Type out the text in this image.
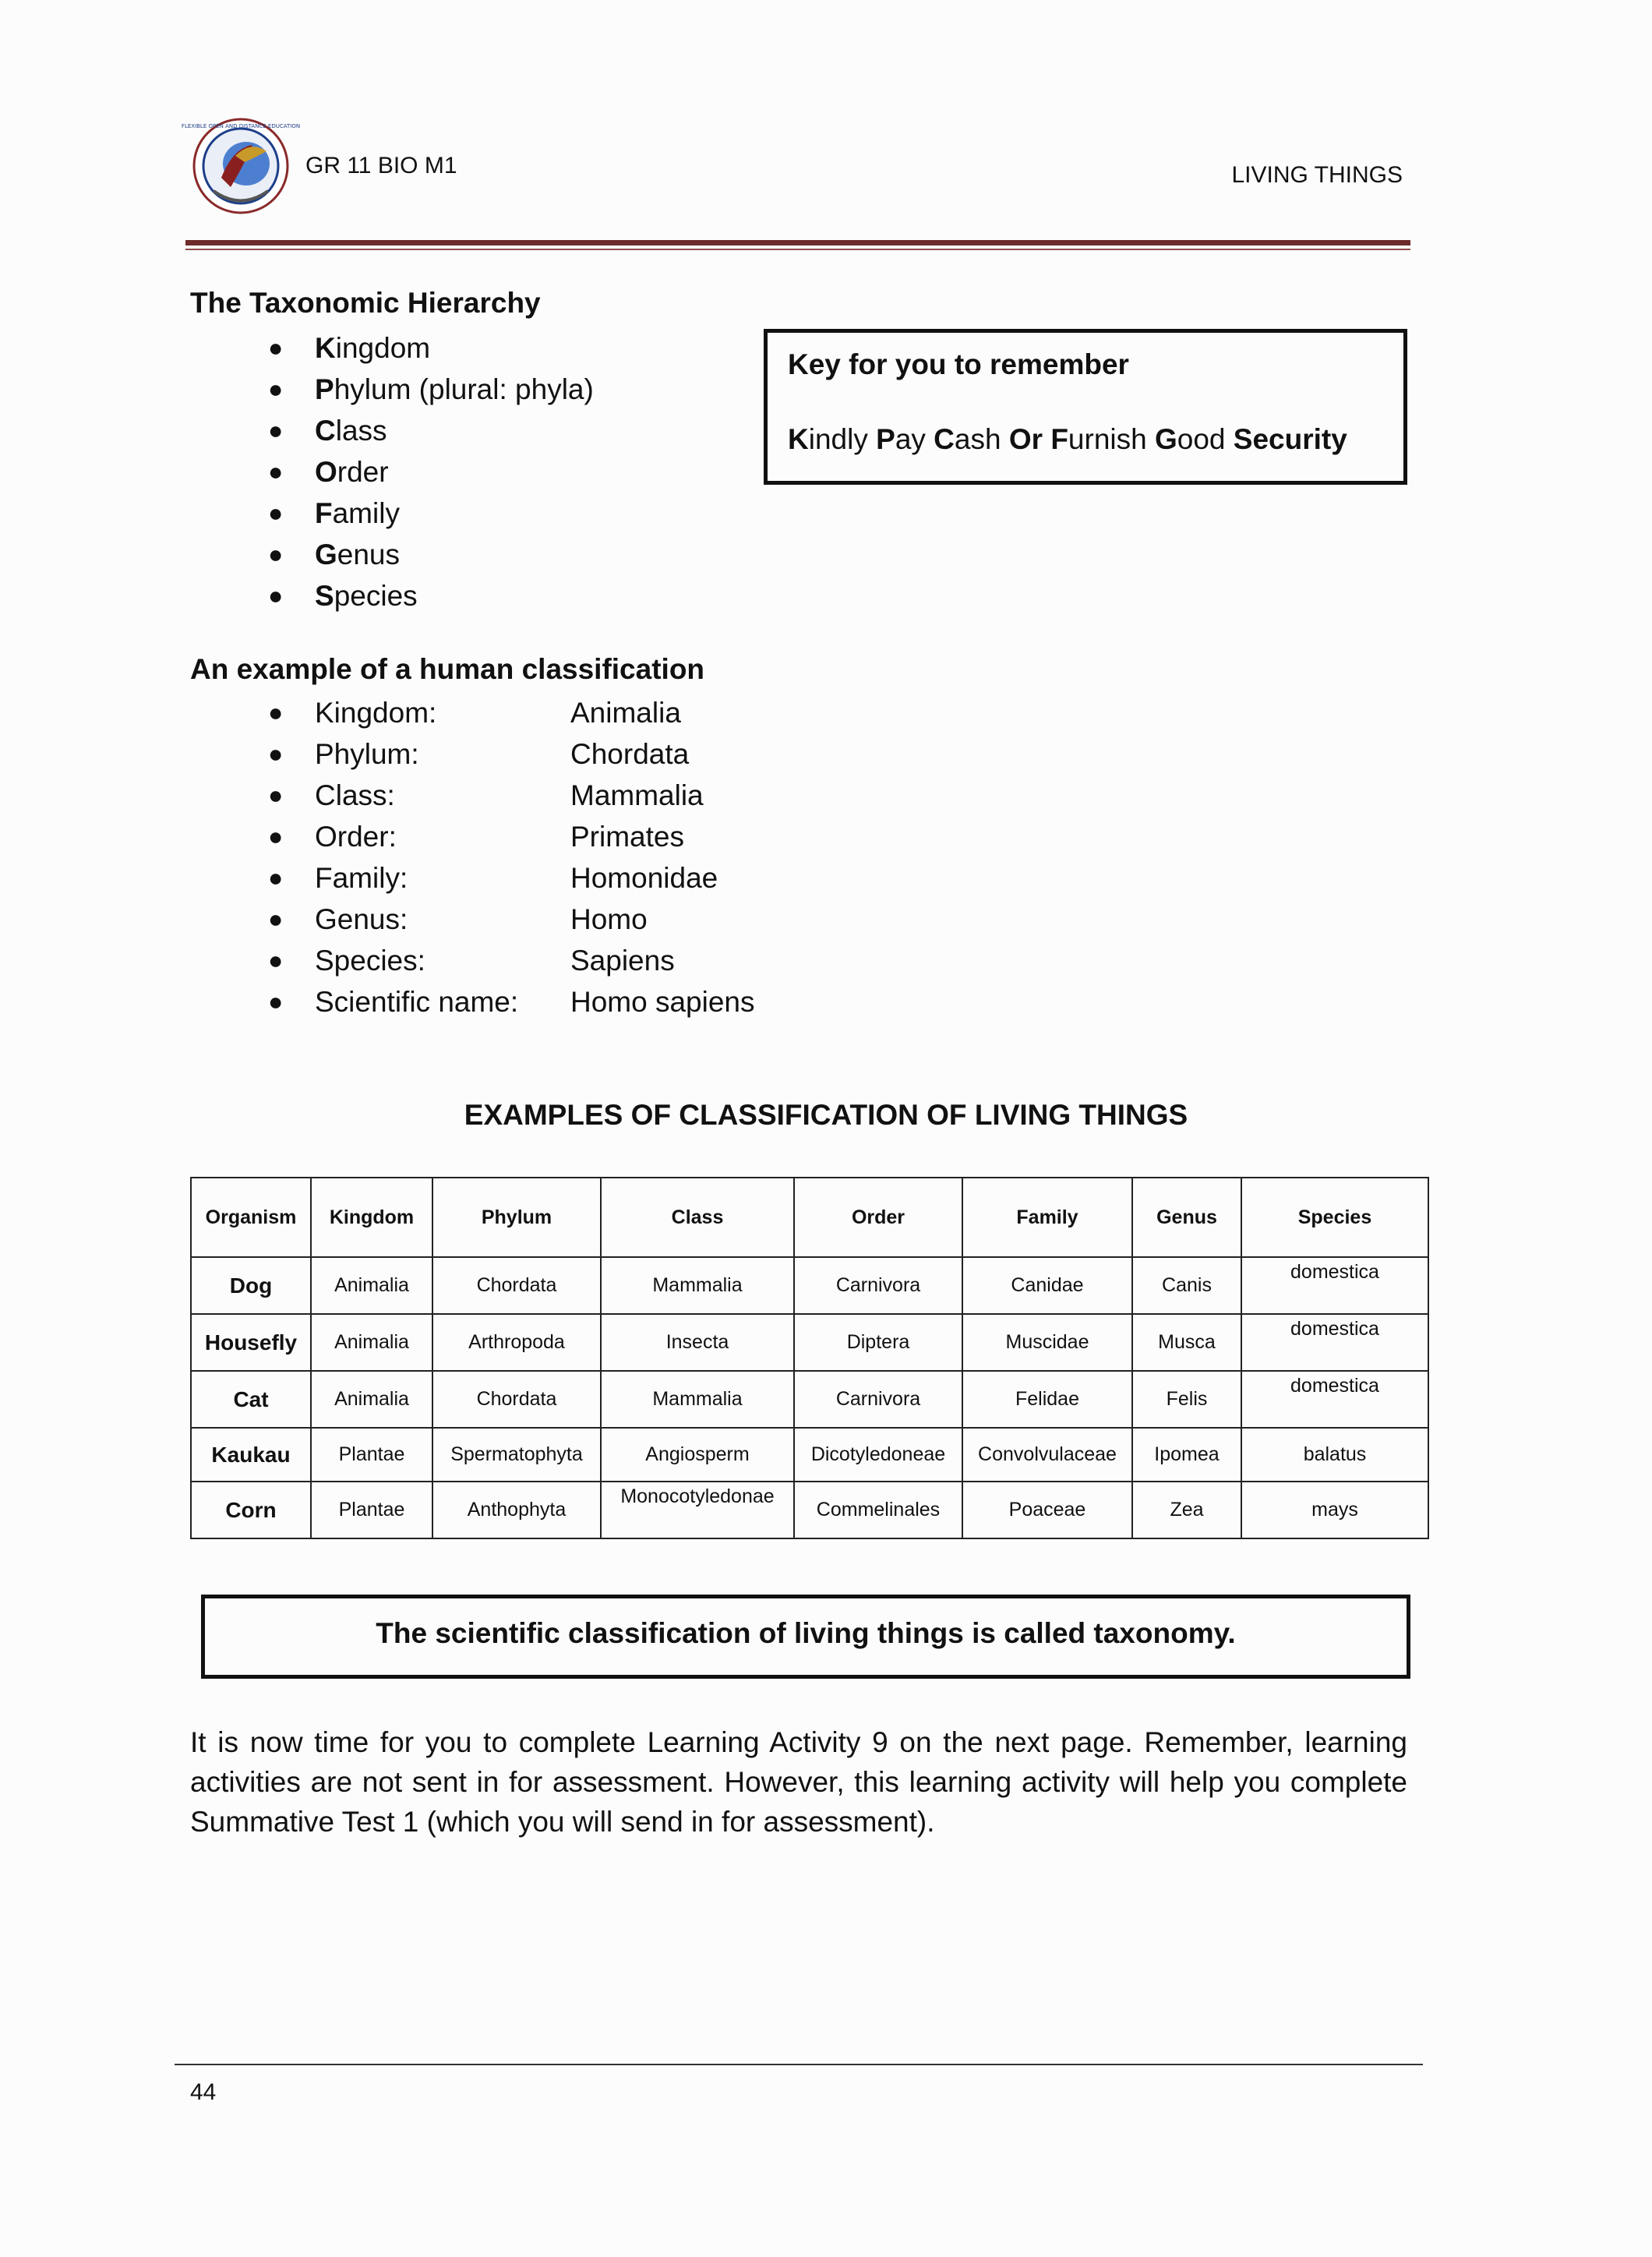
FLEXIBLE OPEN AND DISTANCE EDUCATION
GR 11 BIO M1	LIVING THINGS
The Taxonomic Hierarchy
● Kingdom
● Phylum (plural: phyla)
● Class
● Order
● Family
● Genus
● Species
Key for you to remember
Kindly Pay Cash Or Furnish Good Security
An example of a human classification
● Kingdom:	Animalia
● Phylum:	Chordata
● Class:	Mammalia
● Order:	Primates
● Family:	Homonidae
● Genus:	Homo
● Species:	Sapiens
● Scientific name: Homo sapiens
EXAMPLES OF CLASSIFICATION OF LIVING THINGS
Organism	Kingdom	Phylum	Class	Order	Family	Genus	Species
Dog	Animalia	Chordata	Mammalia	Carnivora	Canidae	Canis	domestica
Housefly	Animalia	Arthropoda	Insecta	Diptera	Muscidae	Musca	domestica
Cat	Animalia	Chordata	Mammalia	Carnivora	Felidae	Felis	domestica
Kaukau	Plantae	Spermatophyta	Angiosperm	Dicotyledoneae	Convolvulaceae	Ipomea	balatus
Corn	Plantae	Anthophyta	Monocotyledonae	Commelinales	Poaceae	Zea	mays
The scientific classification of living things is called taxonomy.
It is now time for you to complete Learning Activity 9 on the next page. Remember, learning activities are not sent in for assessment. However, this learning activity will help you complete Summative Test 1 (which you will send in for assessment).
44
